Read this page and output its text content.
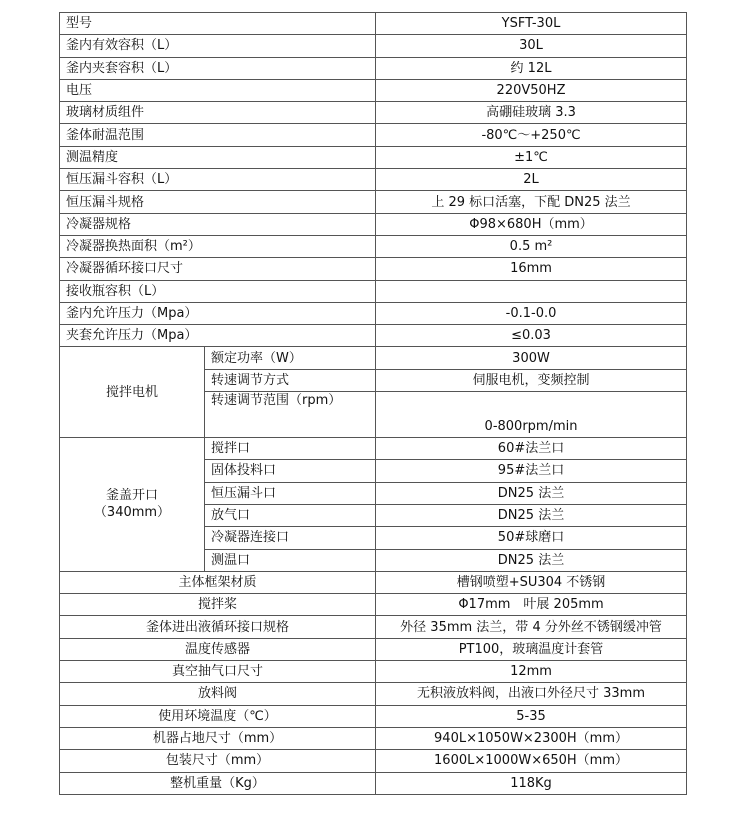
型号		YSFT-30L
釜内有效容积（L）		30L
釜内夹套容积（L）		约 12L
电压		220V50HZ
玻璃材质组件		高硼硅玻璃 3.3
釜体耐温范围		-80℃～+250℃
测温精度		±1℃
恒压漏斗容积（L）		2L
恒压漏斗规格		上 29 标口活塞，下配 DN25 法兰
冷凝器规格		Φ98×680H（mm）
冷凝器换热面积（m²）		0.5 m²
冷凝器循环接口尺寸		16mm
接收瓶容积（L）		
釜内允许压力（Mpa）		-0.1-0.0
夹套允许压力（Mpa）		≤0.03
搅拌电机	额定功率（W）	300W
	转速调节方式	伺服电机，变频控制
	转速调节范围（rpm）	0-800rpm/min

釜盖开口
（340mm）	搅拌口	60#法兰口
	固体投料口	95#法兰口
	恒压漏斗口	DN25 法兰
	放气口	DN25 法兰
	冷凝器连接口	50#球磨口
	测温口	DN25 法兰
主体框架材质		槽钢喷塑+SU304 不锈钢
搅拌桨		Φ17mm　叶展 205mm
釜体进出液循环接口规格		外径 35mm 法兰，带 4 分外丝不锈钢缓冲管
温度传感器		PT100，玻璃温度计套管
真空抽气口尺寸		12mm
放料阀		无积液放料阀，出液口外径尺寸 33mm
使用环境温度（℃）		5-35
机器占地尺寸（mm）		940L×1050W×2300H（mm）
包装尺寸（mm）		1600L×1000W×650H（mm）
整机重量（Kg）		118Kg
